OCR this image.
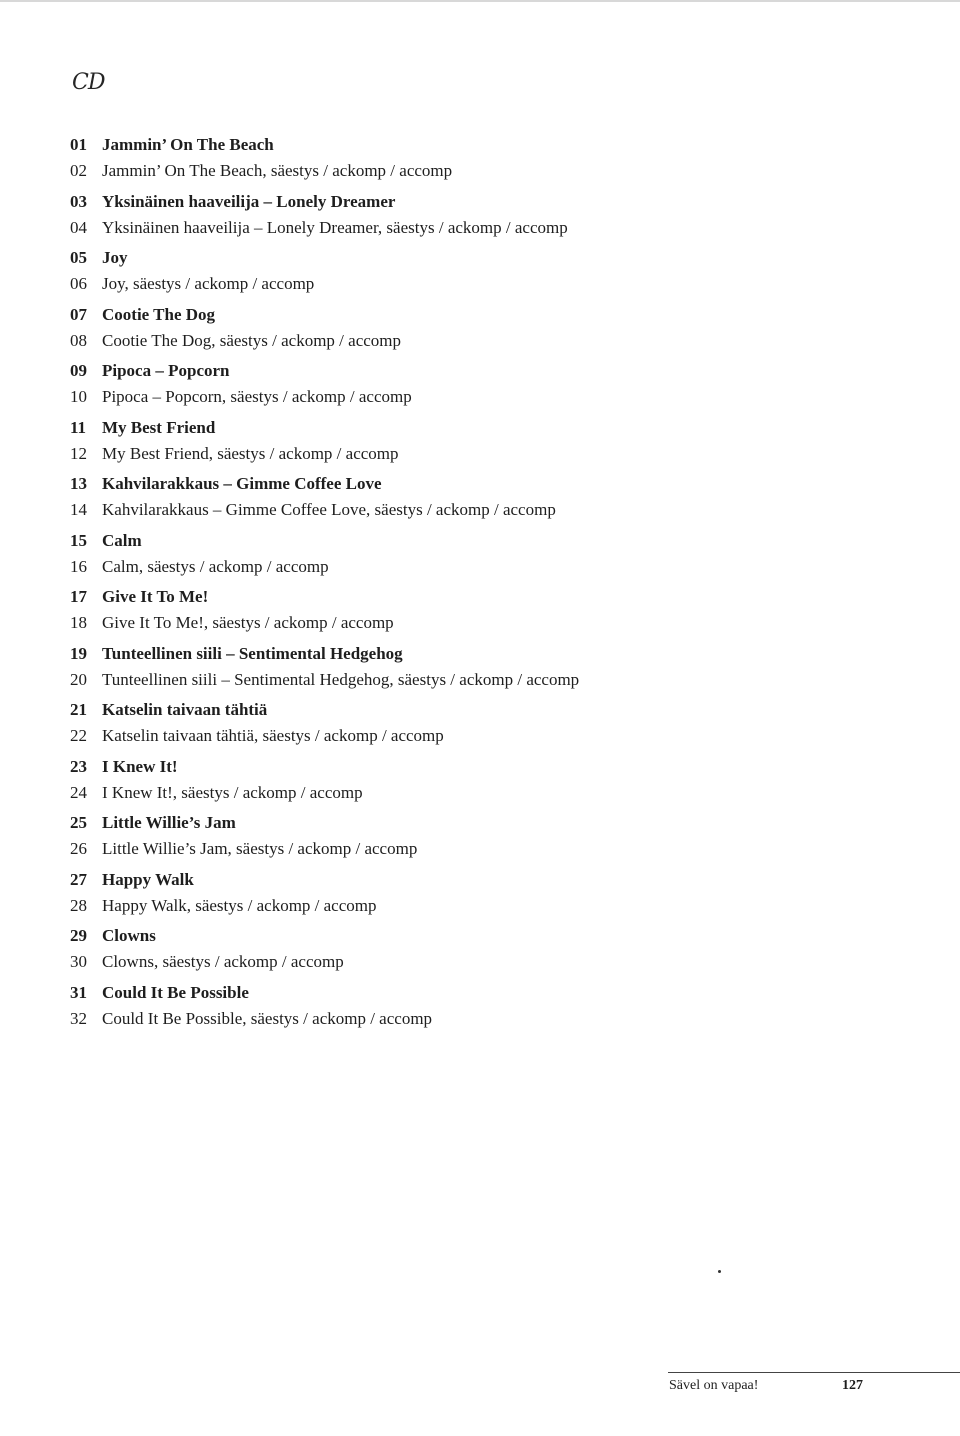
CD
01 Jammin’ On The Beach
02 Jammin’ On The Beach, säestys / ackomp / accomp
03 Yksinäinen haaveilija – Lonely Dreamer
04 Yksinäinen haaveilija – Lonely Dreamer, säestys / ackomp / accomp
05 Joy
06 Joy, säestys / ackomp / accomp
07 Cootie The Dog
08 Cootie The Dog, säestys / ackomp / accomp
09 Pipoca – Popcorn
10 Pipoca – Popcorn, säestys / ackomp / accomp
11 My Best Friend
12 My Best Friend, säestys / ackomp / accomp
13 Kahvilarakkaus – Gimme Coffee Love
14 Kahvilarakkaus – Gimme Coffee Love, säestys / ackomp / accomp
15 Calm
16 Calm, säestys / ackomp / accomp
17 Give It To Me!
18 Give It To Me!, säestys / ackomp / accomp
19 Tunteellinen siili – Sentimental Hedgehog
20 Tunteellinen siili – Sentimental Hedgehog, säestys / ackomp / accomp
21 Katselin taivaan tähtiä
22 Katselin taivaan tähtiä, säestys / ackomp / accomp
23 I Knew It!
24 I Knew It!, säestys / ackomp / accomp
25 Little Willie’s Jam
26 Little Willie’s Jam, säestys / ackomp / accomp
27 Happy Walk
28 Happy Walk, säestys / ackomp / accomp
29 Clowns
30 Clowns, säestys / ackomp / accomp
31 Could It Be Possible
32 Could It Be Possible, säestys / ackomp / accomp
Sävel on vapaa!	127
